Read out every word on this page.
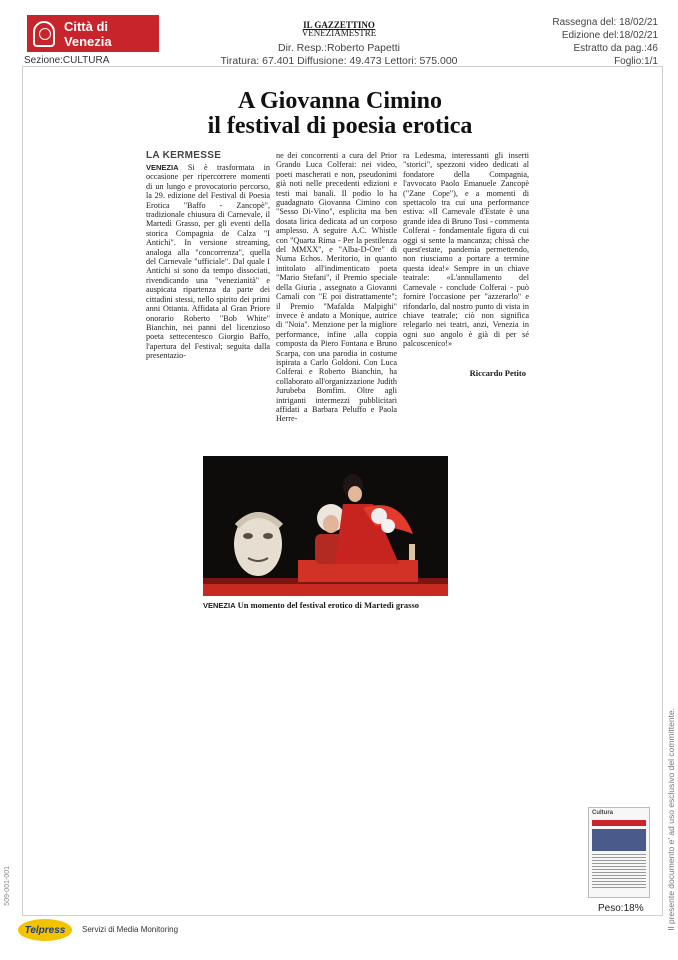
Città di Venezia
IL GAZZETTINO
VENEZIAMESTRE
Dir. Resp.:Roberto Papetti
Tiratura: 67.401 Diffusione: 49.473 Lettori: 575.000
Rassegna del: 18/02/21
Edizione del:18/02/21
Estratto da pag.:46
Foglio:1/1
Sezione:CULTURA
A Giovanna Cimino
il festival di poesia erotica
LA KERMESSE
VENEZIA Si è trasformata in occasione per ripercorrere momenti di un lungo e provocatorio percorso, la 29. edizione del Festival di Poesia Erotica "Baffo - Zancopè", tradizionale chiusura di Carnevale, il Martedì Grasso, per gli eventi della storica Compagnia de Calza "I Antichi". In versione streaming, analoga alla "concorrenza", quella del Carnevale "ufficiale". Dal quale I Antichi si sono da tempo dissociati, rivendicando una "venezianità" e auspicata ripartenza da parte dei cittadini stessi, nello spirito dei primi anni Ottanta. Affidata al Gran Priore onorario Roberto "Bob White" Bianchin, nei panni del licenzioso poeta settecentesco Giorgio Baffo, l'apertura del Festival; seguita dalla presentazio-
ne dei concorrenti a cura del Prior Grando Luca Colferai: nei video, poeti mascherati e non, pseudonimi già noti nelle precedenti edizioni e testi mai banali. Il podio lo ha guadagnato Giovanna Cimino con "Sesso Di-Vino", esplicita ma ben dosata lirica dedicata ad un corposo amplesso. A seguire A.C. Whistle con "Quarta Rima - Per la pestilenza del MMXX", e "Alba-D-Ore" di Numa Echos. Meritorio, in quanto intitolato all'indimenticato poeta "Mario Stefani", il Premio speciale della Giuria , assegnato a Giovanni Camali con "E poi distrattamente"; il Premio "Mafalda Malpighi" invece è andato a Monique, autrice di "Noia". Menzione per la migliore performance, infine ,alla coppia composta da Piero Fontana e Bruno Scarpa, con una parodia in costume ispirata a Carlo Goldoni. Con Luca Colferai e Roberto Bianchin, ha collaborato all'organizzazione Judith Jurubeba Bomfim. Oltre agli intriganti intermezzi pubblicitari affidati a Barbara Peluffo e Paola Herre-
ra Ledesma, interessanti gli inserti "storici", spezzoni video dedicati al fondatore della Compagnia, l'avvocato Paolo Emanuele Zancopè ("Zane Cope"), e a momenti di spettacolo tra cui una performance estiva: «Il Carnevale d'Estate è una grande idea di Bruno Tosi - commenta Colferai - fondamentale figura di cui oggi si sente la mancanza; chissà che quest'estate, pandemia permettendo, non riusciamo a portare a termine questa idea!» Sempre in un chiave teatrale: «L'annullamento del Carnevale - conclude Colferai - può fornire l'occasione per "azzerarlo" e rifondarlo, dal nostro punto di vista in chiave teatrale; ciò non significa relegarlo nei teatri, anzi, Venezia in ogni suo angolo è già di per sé palcoscenico!»
Riccardo Petito
VENEZIA Un momento del festival erotico di Martedì grasso
Il presente documento e' ad uso esclusivo del committente.
509-001-001
Cultura
Peso:18%
Telpress	Servizi di Media Monitoring
